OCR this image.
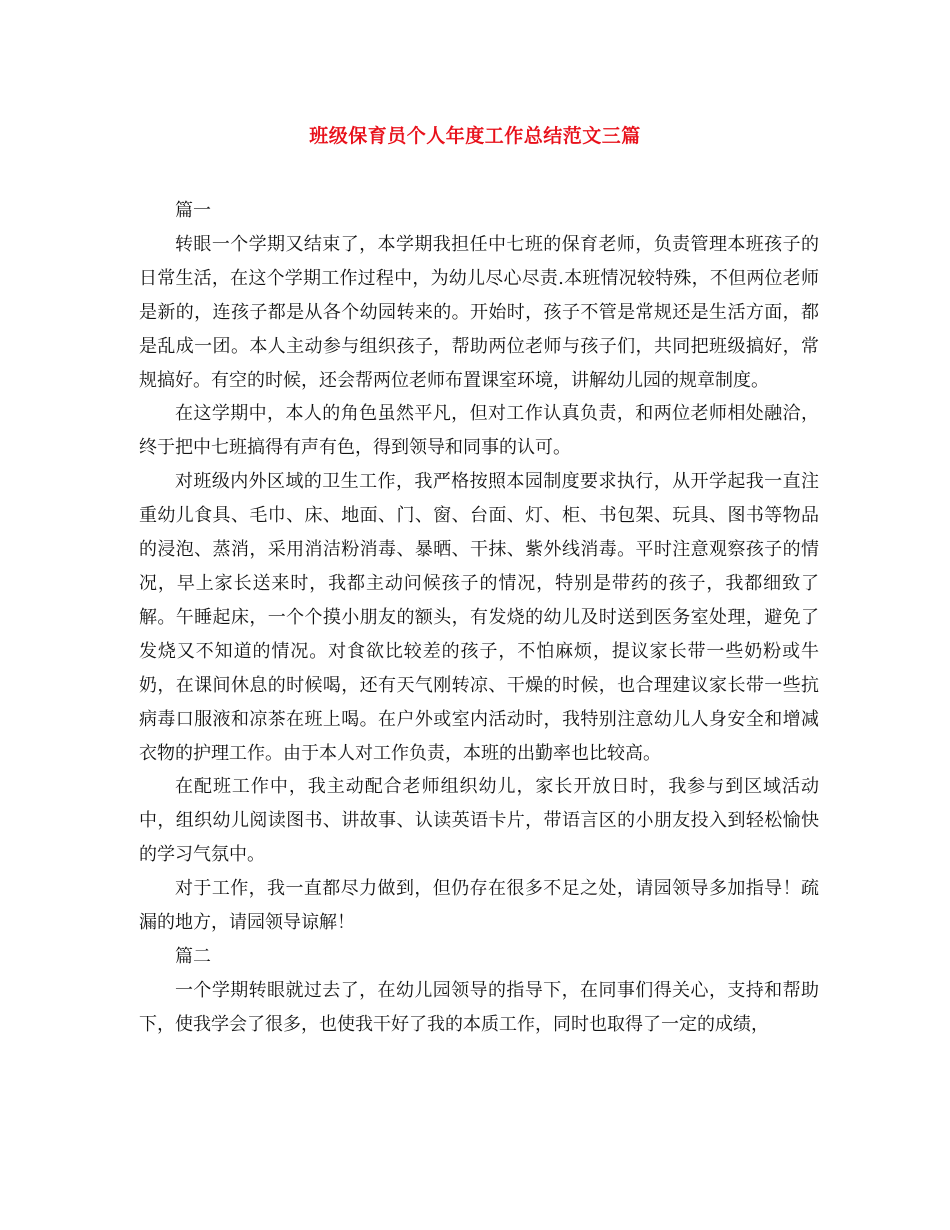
班级保育员个人年度工作总结范文三篇

篇一

转眼一个学期又结束了，本学期我担任中七班的保育老师，负责管理本班孩子的日常生活，在这个学期工作过程中，为幼儿尽心尽责.本班情况较特殊，不但两位老师是新的，连孩子都是从各个幼园转来的。开始时，孩子不管是常规还是生活方面，都是乱成一团。本人主动参与组织孩子，帮助两位老师与孩子们，共同把班级搞好，常规搞好。有空的时候，还会帮两位老师布置课室环境，讲解幼儿园的规章制度。

在这学期中，本人的角色虽然平凡，但对工作认真负责，和两位老师相处融洽，终于把中七班搞得有声有色，得到领导和同事的认可。

对班级内外区域的卫生工作，我严格按照本园制度要求执行，从开学起我一直注重幼儿食具、毛巾、床、地面、门、窗、台面、灯、柜、书包架、玩具、图书等物品的浸泡、蒸消，采用消洁粉消毒、暴晒、干抹、紫外线消毒。平时注意观察孩子的情况，早上家长送来时，我都主动问候孩子的情况，特别是带药的孩子，我都细致了解。午睡起床，一个个摸小朋友的额头，有发烧的幼儿及时送到医务室处理，避免了发烧又不知道的情况。对食欲比较差的孩子，不怕麻烦，提议家长带一些奶粉或牛奶，在课间休息的时候喝，还有天气刚转凉、干燥的时候，也合理建议家长带一些抗病毒口服液和凉茶在班上喝。在户外或室内活动时，我特别注意幼儿人身安全和增减衣物的护理工作。由于本人对工作负责，本班的出勤率也比较高。

在配班工作中，我主动配合老师组织幼儿，家长开放日时，我参与到区域活动中，组织幼儿阅读图书、讲故事、认读英语卡片，带语言区的小朋友投入到轻松愉快的学习气氛中。

对于工作，我一直都尽力做到，但仍存在很多不足之处，请园领导多加指导！疏漏的地方，请园领导谅解！

篇二

一个学期转眼就过去了，在幼儿园领导的指导下，在同事们得关心，支持和帮助下，使我学会了很多，也使我干好了我的本质工作，同时也取得了一定的成绩，
